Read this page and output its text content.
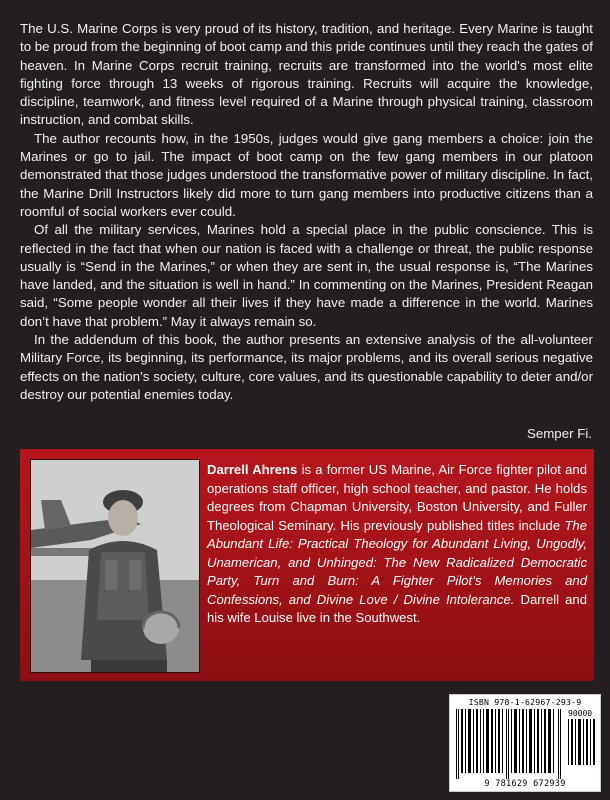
The U.S. Marine Corps is very proud of its history, tradition, and heritage. Every Marine is taught to be proud from the beginning of boot camp and this pride continues until they reach the gates of heaven. In Marine Corps recruit training, recruits are transformed into the world's most elite fighting force through 13 weeks of rigorous training. Recruits will acquire the knowledge, discipline, teamwork, and fitness level required of a Marine through physical training, classroom instruction, and combat skills.

The author recounts how, in the 1950s, judges would give gang members a choice: join the Marines or go to jail. The impact of boot camp on the few gang members in our platoon demonstrated that those judges understood the transformative power of military discipline. In fact, the Marine Drill Instructors likely did more to turn gang members into productive citizens than a roomful of social workers ever could.

Of all the military services, Marines hold a special place in the public conscience. This is reflected in the fact that when our nation is faced with a challenge or threat, the public response usually is “Send in the Marines,” or when they are sent in, the usual response is, “The Marines have landed, and the situation is well in hand.” In commenting on the Marines, President Reagan said, “Some people wonder all their lives if they have made a difference in the world. Marines don’t have that problem.” May it always remain so.

In the addendum of this book, the author presents an extensive analysis of the all-volunteer Military Force, its beginning, its performance, its major problems, and its overall serious negative effects on the nation’s society, culture, core values, and its questionable capability to deter and/or destroy our potential enemies today.

Semper Fi.

Darrell Ahrens is a former US Marine, Air Force fighter pilot and operations staff officer, high school teacher, and pastor. He holds degrees from Chapman University, Boston University, and Fuller Theological Seminary. His previously published titles include The Abundant Life: Practical Theology for Abundant Living, Ungodly, Unamerican, and Unhinged: The New Radicalized Democratic Party, Turn and Burn: A Fighter Pilot’s Memories and Confessions, and Divine Love / Divine Intolerance. Darrell and his wife Louise live in the Southwest.

ISBN 978-1-62967-293-9
90000
9 781629 672939
